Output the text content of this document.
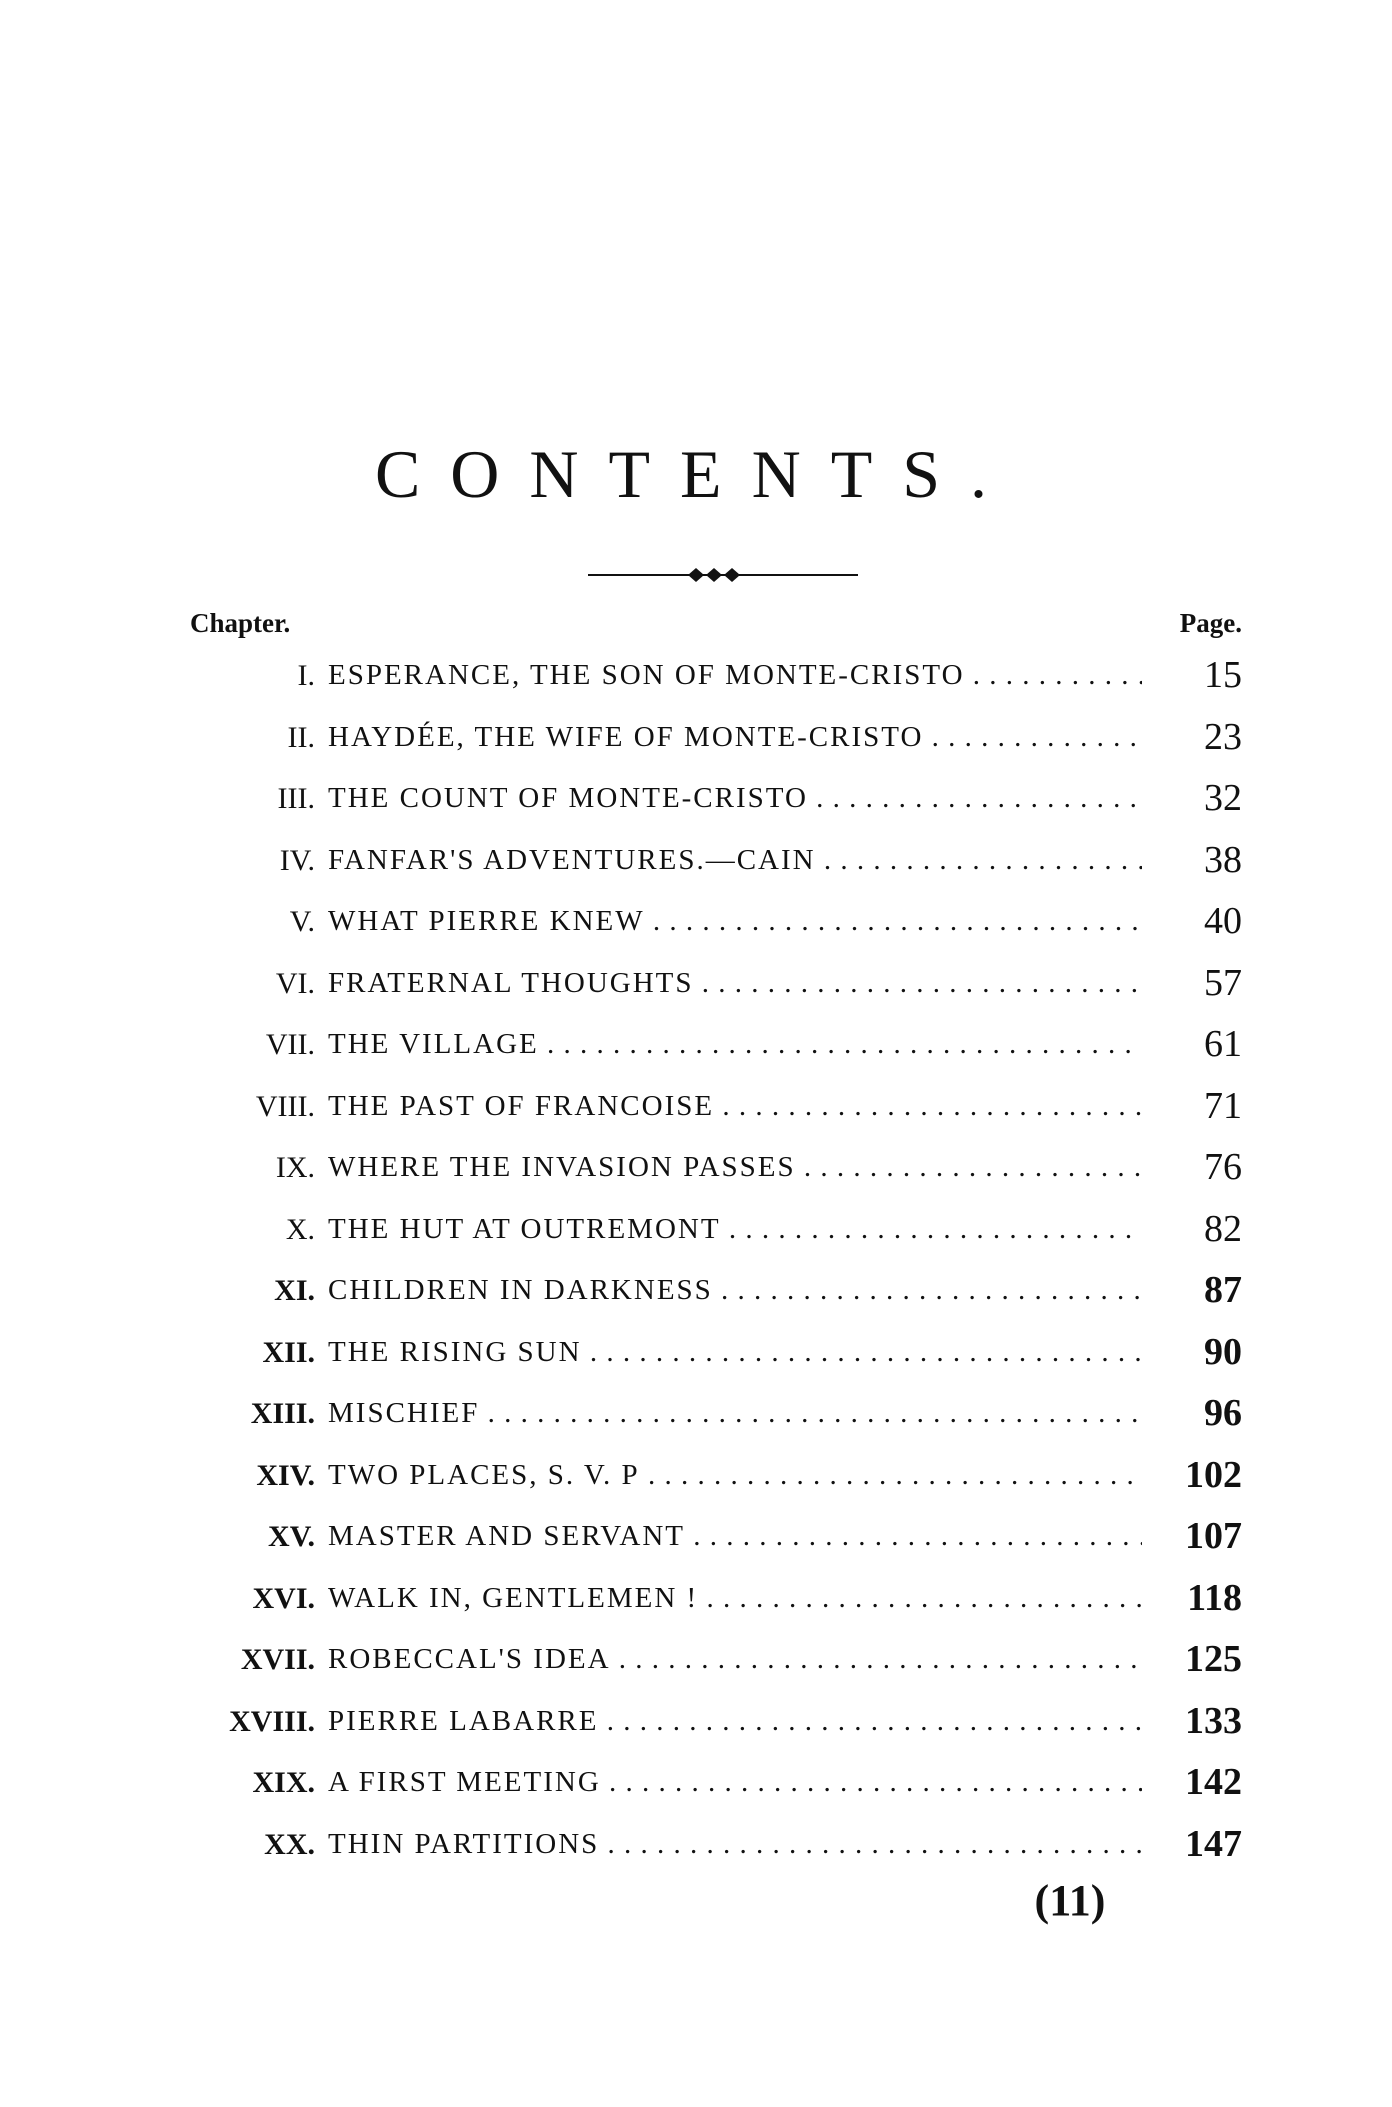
CONTENTS.
Chapter.	Page.
I. ESPERANCE, THE SON OF MONTE-CRISTO . . .	15
II. HAYDÉE, THE WIFE OF MONTE-CRISTO . . .	23
III. THE COUNT OF MONTE-CRISTO . . .	32
IV. FANFAR'S ADVENTURES.—CAIN . . .	38
V. WHAT PIERRE KNEW . . .	40
VI. FRATERNAL THOUGHTS . . .	57
VII. THE VILLAGE . . .	61
VIII. THE PAST OF FRANCOISE . . .	71
IX. WHERE THE INVASION PASSES . . .	76
X. THE HUT AT OUTREMONT . . .	82
XI. CHILDREN IN DARKNESS . . .	87
XII. THE RISING SUN . . .	90
XIII. MISCHIEF . . .	96
XIV. TWO PLACES, S. V. P . . .	102
XV. MASTER AND SERVANT . . .	107
XVI. WALK IN, GENTLEMEN ! . . .	118
XVII. ROBECCAL'S IDEA . . .	125
XVIII. PIERRE LABARRE . . .	133
XIX. A FIRST MEETING . . .	142
XX. THIN PARTITIONS . . .	147
(11)
